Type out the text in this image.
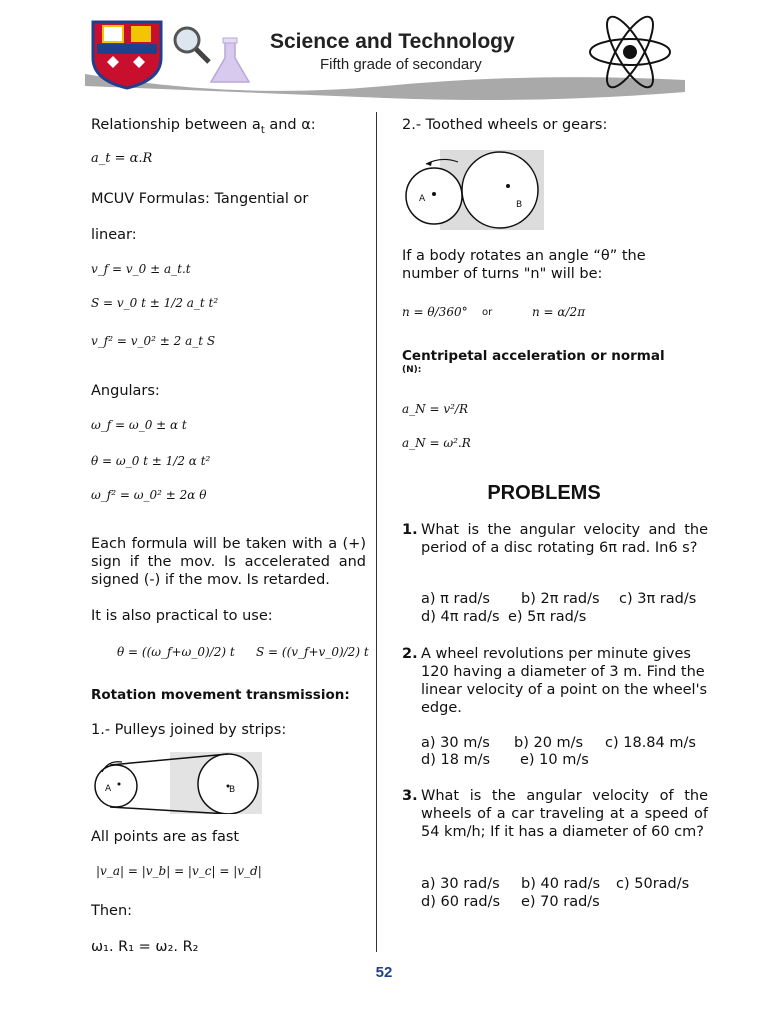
Science and Technology
Fifth grade of secondary
Relationship between $a_t$ and α:
a_t = α.R
MCUV Formulas: Tangential or
linear:
v_f = v_0 ± a_t.t
S = v_0 t ± 1/2 a_t t²
v_f² = v_0² ± 2 a_t S
Angulars:
ω_f = ω_0 ± α t
θ = ω_0 t ± 1/2 α t²
ω_f² = ω_0² ± 2α θ
Each formula will be taken with a (+) sign if the mov. Is accelerated and signed (-) if the mov. Is retarded.
It is also practical to use:
θ = ((ω_f+ω_0)/2) t S = ((v_f+v_0)/2) t
Rotation movement transmission:
1.- Pulleys joined by strips:
A	B
All points are as fast
|v_a| = |v_b| = |v_c| = |v_d|
Then:
ω₁. R₁ = ω₂. R₂
2.- Toothed wheels or gears:
A
B
If a body rotates an angle “θ” the number of turns "n" will be:
n = θ/360° or	n = α/2π
Centripetal acceleration or normal
(N):
a_N = v²/R
a_N = ω².R
PROBLEMS
1. What is the angular velocity and the period of a disc rotating 6π rad. In6 s?
a) π rad/s b) 2π rad/s c) 3π rad/s
d) 4π rad/s e) 5π rad/s
2. A wheel revolutions per minute gives 120 having a diameter of 3 m. Find the linear velocity of a point on the wheel's edge.
a) 30 m/s b) 20 m/s c) 18.84 m/s
d) 18 m/s e) 10 m/s
3. What is the angular velocity of the wheels of a car traveling at a speed of 54 km/h; If it has a diameter of 60 cm?
a) 30 rad/s b) 40 rad/s c) 50rad/s
d) 60 rad/s e) 70 rad/s
52
